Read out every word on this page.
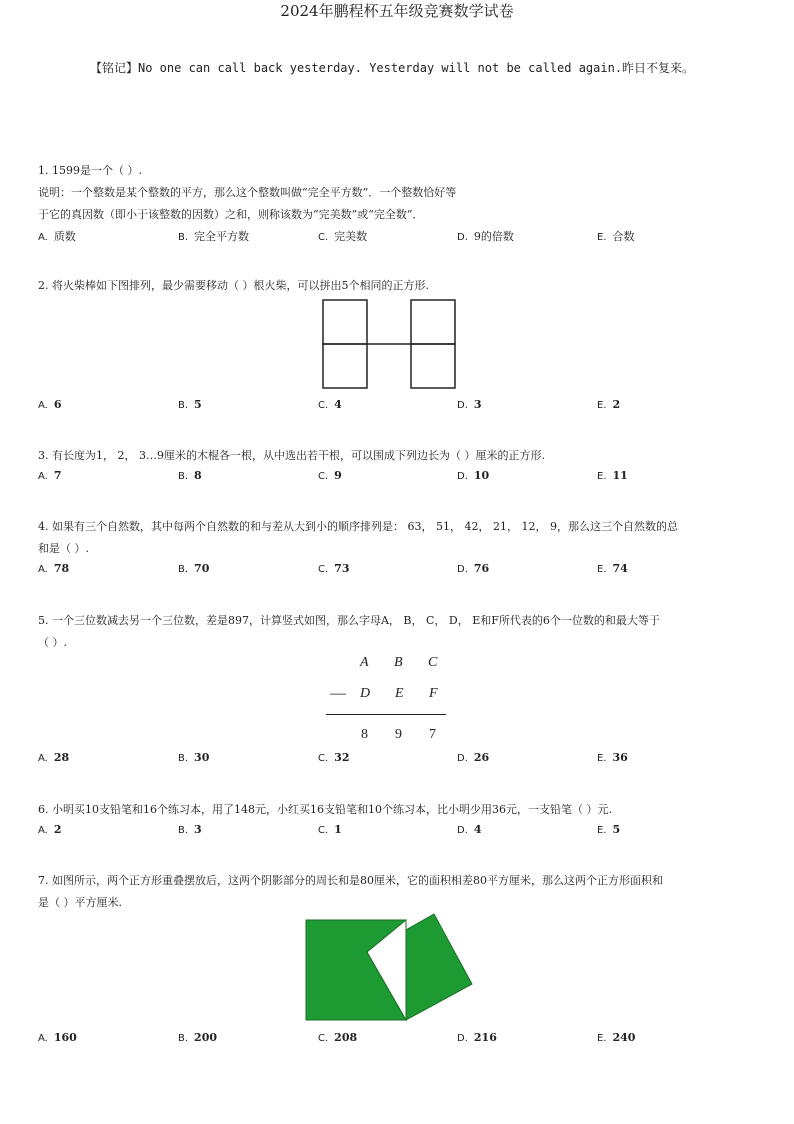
【铭记】No one can call back yesterday. Yesterday will not be called again.昨日不复来。
2024年鹏程杯五年级竞赛数学试卷
1. 1599是一个（ ）.
说明：一个整数是某个整数的平方，那么这个整数叫做“完全平方数”．一个整数恰好等
于它的真因数（即小于该整数的因数）之和，则称该数为“完美数”或“完全数”．
A. 质数	B. 完全平方数	C. 完美数	D. 9的倍数	E. 合数
2. 将火柴棒如下图排列，最少需要移动（ ）根火柴，可以拼出5个相同的正方形.
A. 6	B. 5	C. 4	D. 3	E. 2
3. 有长度为1， 2， 3…9厘米的木棍各一根，从中选出若干根，可以围成下列边长为（ ）厘米的正方形.
A. 7	B. 8	C. 9	D. 10	E. 11
4. 如果有三个自然数，其中每两个自然数的和与差从大到小的顺序排列是： 63， 51， 42， 21， 12， 9，那么这三个自然数的总
和是（ ）.
A. 78	B. 70	C. 73	D. 76	E. 74
5. 一个三位数减去另一个三位数，差是897，计算竖式如图，那么字母A， B， C， D， E和F所代表的6个一位数的和最大等于
（ ）.
A B C
— D E F
8 9 7
A. 28	B. 30	C. 32	D. 26	E. 36
6. 小明买10支铅笔和16个练习本，用了148元，小红买16支铅笔和10个练习本，比小明少用36元，一支铅笔（ ）元.
A. 2	B. 3	C. 1	D. 4	E. 5
7. 如图所示，两个正方形重叠摆放后，这两个阴影部分的周长和是80厘米，它的面积相差80平方厘米，那么这两个正方形面积和
是（ ）平方厘米.
A. 160	B. 200	C. 208	D. 216	E. 240
